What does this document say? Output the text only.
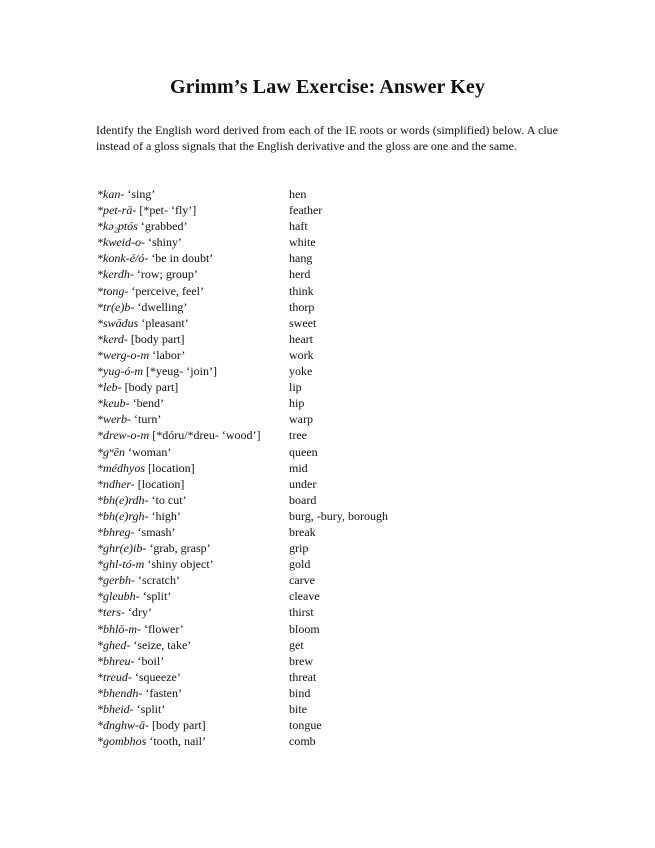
Grimm’s Law Exercise: Answer Key
Identify the English word derived from each of the IE roots or words (simplified) below. A clue instead of a gloss signals that the English derivative and the gloss are one and the same.
*kan- ‘sing’	hen
*pet-rā- [*pet- ‘fly’]	feather
*kə₂ptós ‘grabbed’	haft
*kweid-o- ‘shiny’	white
*konk-é/ó- ‘be in doubt’	hang
*kerdh- ‘row; group’	herd
*tong- ‘perceive, feel’	think
*tr(e)b- ‘dwelling’	thorp
*swādus ‘pleasant’	sweet
*kerd- [body part]	heart
*werg-o-m ‘labor’	work
*yug-ó-m [*yeug- ‘join’]	yoke
*leb- [body part]	lip
*keub- ‘bend’	hip
*werb- ‘turn’	warp
*drew-o-m [*dóru/*dreu- ‘wood’] tree
*gʷēn ‘woman’	queen
*médhyos [location]	mid
*ndher- [location]	under
*bh(e)rdh- ‘to cut’	board
*bh(e)rgh- ‘high’	burg, -bury, borough
*bhreg- ‘smash’	break
*ghr(e)ib- ‘grab, grasp’	grip
*ghl-tó-m ‘shiny object’	gold
*gerbh- ‘scratch’	carve
*gleubh- ‘split’	cleave
*ters- ‘dry’	thirst
*bhlō-m- ‘flower’	bloom
*ghed- ‘seize, take’	get
*bhreu- ‘boil’	brew
*treud- ‘squeeze’	threat
*bhendh- ‘fasten’	bind
*bheid- ‘split’	bite
*dnghw-ā- [body part]	tongue
*gombhos ‘tooth, nail’	comb
